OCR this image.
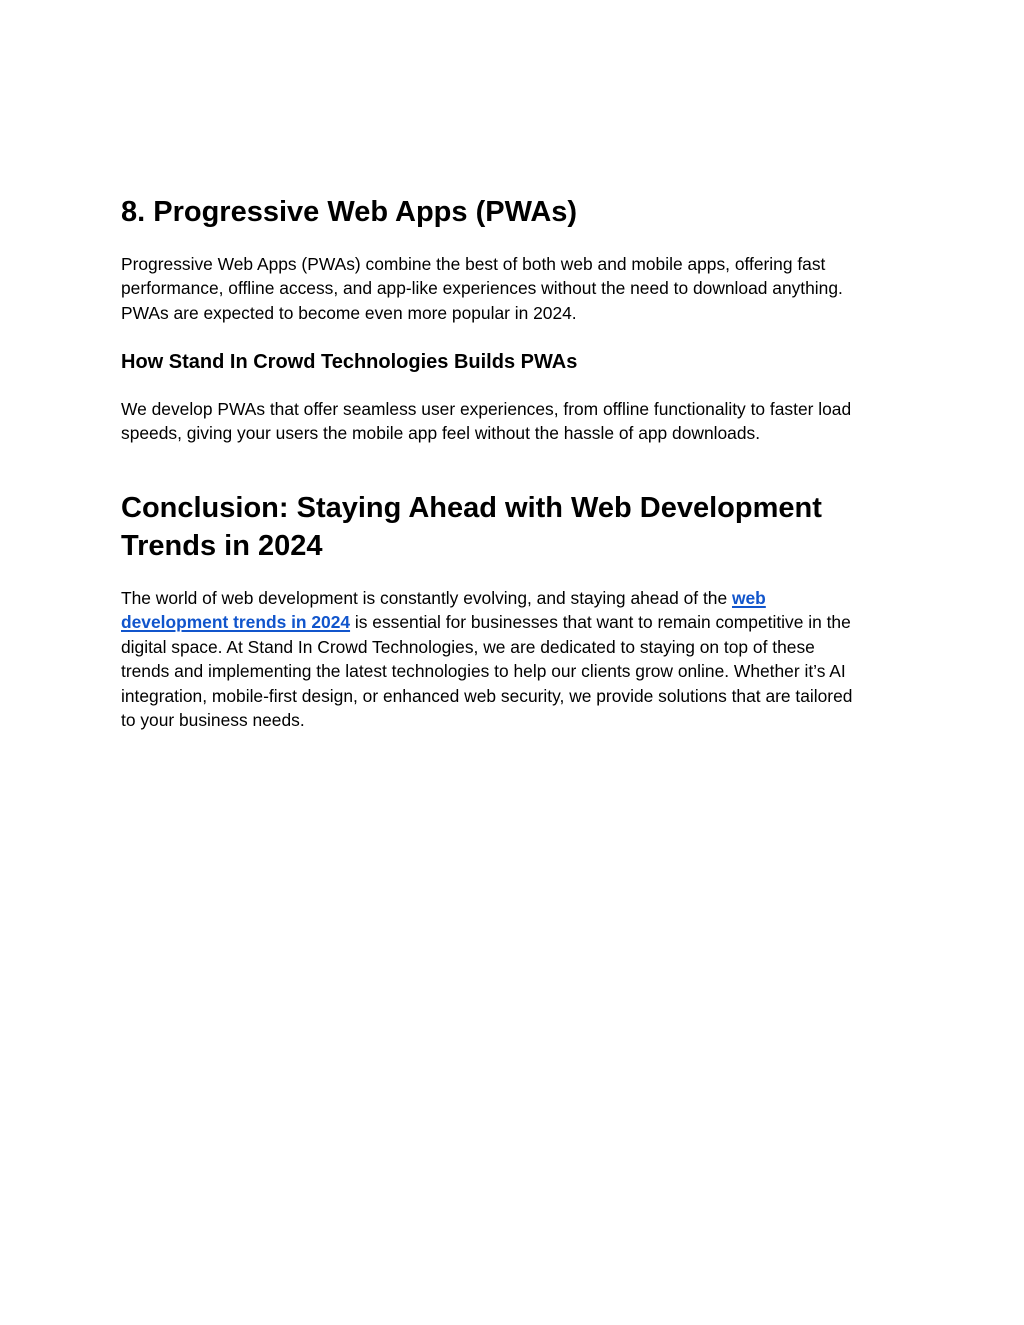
8. Progressive Web Apps (PWAs)

Progressive Web Apps (PWAs) combine the best of both web and mobile apps, offering fast
performance, offline access, and app-like experiences without the need to download anything.
PWAs are expected to become even more popular in 2024.

How Stand In Crowd Technologies Builds PWAs

We develop PWAs that offer seamless user experiences, from offline functionality to faster load
speeds, giving your users the mobile app feel without the hassle of app downloads.

Conclusion: Staying Ahead with Web Development
Trends in 2024

The world of web development is constantly evolving, and staying ahead of the web
development trends in 2024 is essential for businesses that want to remain competitive in the
digital space. At Stand In Crowd Technologies, we are dedicated to staying on top of these
trends and implementing the latest technologies to help our clients grow online. Whether it’s AI
integration, mobile-first design, or enhanced web security, we provide solutions that are tailored
to your business needs.
